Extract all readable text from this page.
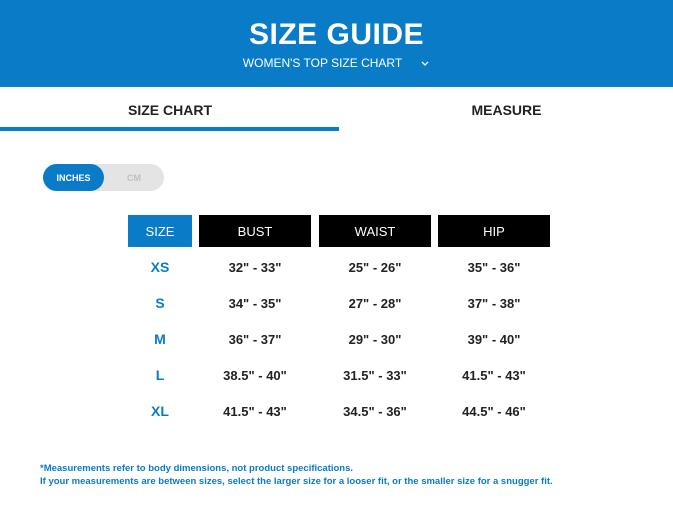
SIZE GUIDE
WOMEN'S TOP SIZE CHART
SIZE CHART	MEASURE
INCHES	CM
SIZE	BUST	WAIST	HIP
XS	32" - 33"	25" - 26"	35" - 36"
S	34" - 35"	27" - 28"	37" - 38"
M	36" - 37"	29" - 30"	39" - 40"
L	38.5" - 40"	31.5" - 33"	41.5" - 43"
XL	41.5" - 43"	34.5" - 36"	44.5" - 46"
*Measurements refer to body dimensions, not product specifications.
If your measurements are between sizes, select the larger size for a looser fit, or the smaller size for a snugger fit.
